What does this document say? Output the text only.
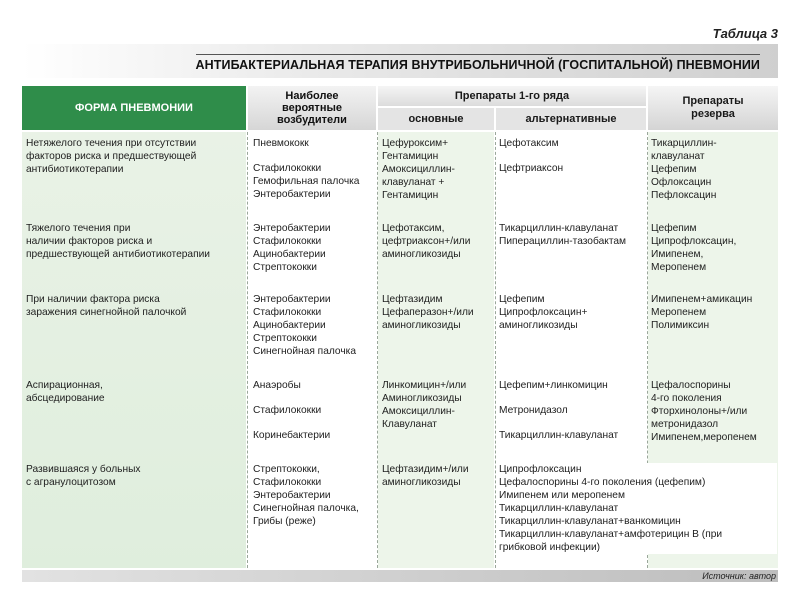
Таблица 3
АНТИБАКТЕРИАЛЬНАЯ ТЕРАПИЯ ВНУТРИБОЛЬНИЧНОЙ (ГОСПИТАЛЬНОЙ) ПНЕВМОНИИ
ФОРМА ПНЕВМОНИИ
Наиболее
вероятные
возбудители
Препараты 1-го ряда
основные	альтернативные
Препараты
резерва
Нетяжелого течения при отсутствии
факторов риска и предшествующей
антибиотикотерапии
Пневмококк
Стафилококки
Гемофильная палочка
Энтеробактерии
Цефуроксим+
Гентамицин
Амоксициллин-
клавуланат +
Гентамицин
Цефотаксим
Цефтриаксон
Тикарциллин-
клавуланат
Цефепим
Офлоксацин
Пефлоксацин
Тяжелого течения при
наличии факторов риска и
предшествующей антибиотикотерапии
Энтеробактерии
Стафилококки
Ацинобактерии
Стрептококки
Цефотаксим,
цефтриаксон+/или
аминогликозиды
Тикарциллин-клавуланат
Пиперациллин-тазобактам
Цефепим
Ципрофлоксацин,
Имипенем,
Меропенем
При наличии фактора риска
заражения синегнойной палочкой
Энтеробактерии
Стафилококки
Ацинобактерии
Стрептококки
Синегнойная палочка
Цефтазидим
Цефаперазон+/или
аминогликозиды
Цефепим
Ципрофлоксацин+
аминогликозиды
Имипенем+амикацин
Меропенем
Полимиксин
Аспирационная,
абсцедирование
Анаэробы
Стафилококки
Коринебактерии
Линкомицин+/или
Аминогликозиды
Амоксициллин-
Клавуланат
Цефепим+линкомицин
Метронидазол
Тикарциллин-клавуланат
Цефалоспорины
4-го поколения
Фторхинолоны+/или
метронидазол
Имипенем,меропенем
Развившаяся у больных
с агранулоцитозом
Стрептококки,
Стафилококки
Энтеробактерии
Синегнойная палочка,
Грибы (реже)
Цефтазидим+/или
аминогликозиды
Ципрофлоксацин
Цефалоспорины 4-го поколения (цефепим)
Имипенем или меропенем
Тикарциллин-клавуланат
Тикарциллин-клавуланат+ванкомицин
Тикарциллин-клавуланат+амфотерицин В (при
грибковой инфекции)
Источник: автор
